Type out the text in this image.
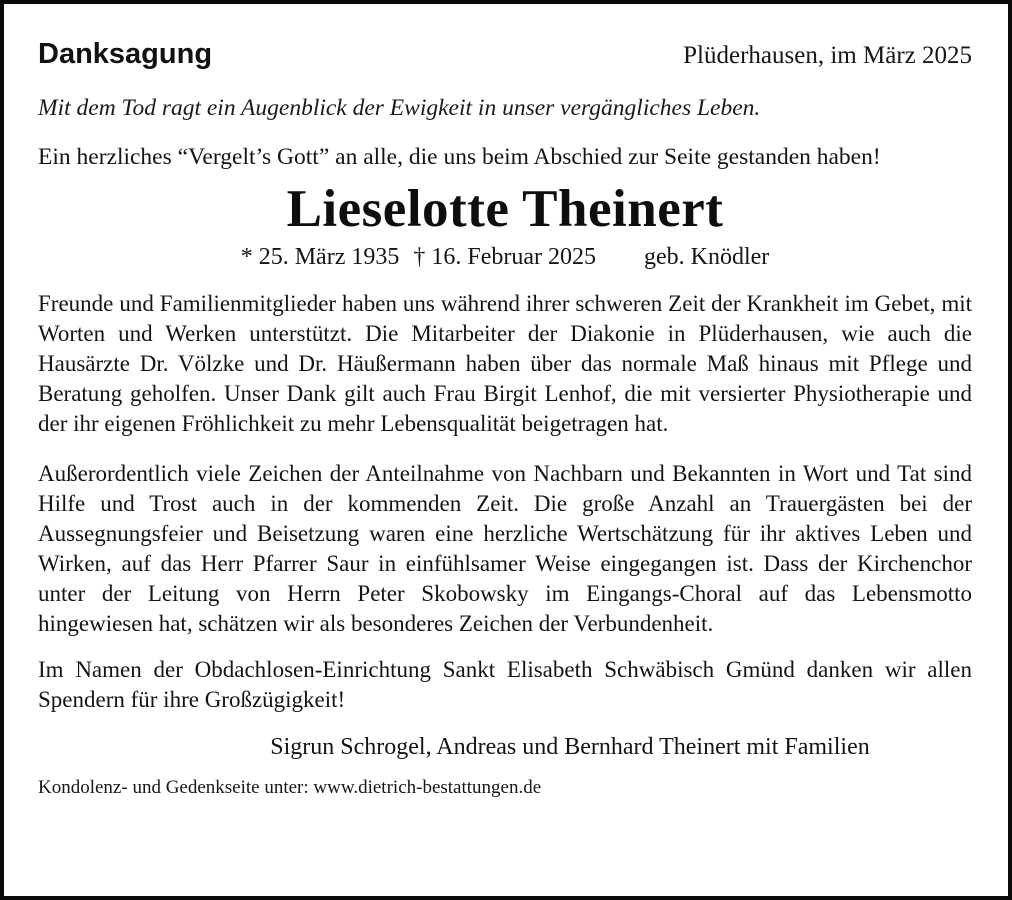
Danksagung	Plüderhausen, im März 2025
Mit dem Tod ragt ein Augenblick der Ewigkeit in unser vergängliches Leben.
Ein herzliches “Vergelt’s Gott” an alle, die uns beim Abschied zur Seite gestanden haben!
Lieselotte Theinert
* 25. März 1935 † 16. Februar 2025 geb. Knödler
Freunde und Familienmitglieder haben uns während ihrer schweren Zeit der Krankheit im Gebet, mit Worten und Werken unterstützt. Die Mitarbeiter der Diakonie in Plüderhausen, wie auch die Hausärzte Dr. Völzke und Dr. Häußermann haben über das normale Maß hinaus mit Pflege und Beratung geholfen. Unser Dank gilt auch Frau Birgit Lenhof, die mit versierter Physiotherapie und der ihr eigenen Fröhlichkeit zu mehr Lebensqualität beigetragen hat.
Außerordentlich viele Zeichen der Anteilnahme von Nachbarn und Bekannten in Wort und Tat sind Hilfe und Trost auch in der kommenden Zeit. Die große Anzahl an Trauergästen bei der Aussegnungsfeier und Beisetzung waren eine herzliche Wertschätzung für ihr aktives Leben und Wirken, auf das Herr Pfarrer Saur in einfühlsamer Weise eingegangen ist. Dass der Kirchenchor unter der Leitung von Herrn Peter Skobowsky im Eingangs-Choral auf das Lebensmotto hingewiesen hat, schätzen wir als besonderes Zeichen der Verbundenheit.
Im Namen der Obdachlosen-Einrichtung Sankt Elisabeth Schwäbisch Gmünd danken wir allen Spendern für ihre Großzügigkeit!
Sigrun Schrogel, Andreas und Bernhard Theinert mit Familien
Kondolenz- und Gedenkseite unter: www.dietrich-bestattungen.de
